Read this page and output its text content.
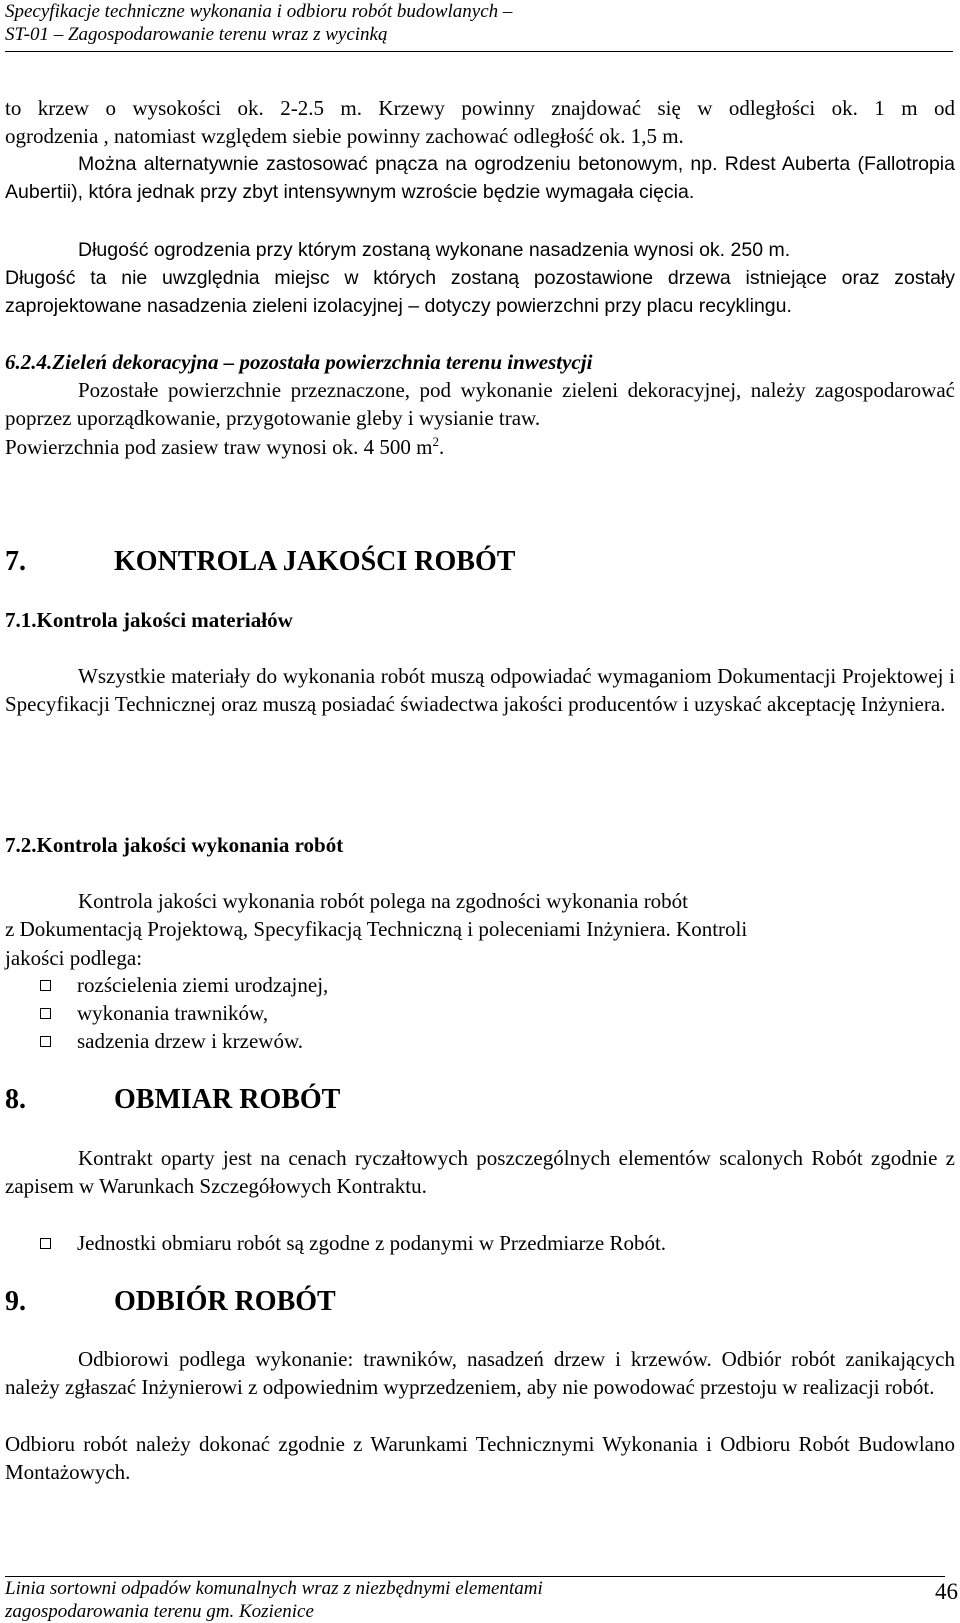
Specyfikacje techniczne wykonania i odbioru robót budowlanych –
ST-01 – Zagospodarowanie terenu wraz z wycinką
to krzew o wysokości ok. 2-2.5 m. Krzewy powinny znajdować się w odległości ok. 1 m od
ogrodzenia , natomiast względem siebie powinny zachować odległość ok. 1,5 m.
Można alternatywnie zastosować pnącza na ogrodzeniu betonowym, np. Rdest Auberta (Fallotropia Aubertii), która jednak przy zbyt intensywnym wzroście będzie wymagała cięcia.
Długość ogrodzenia przy którym zostaną wykonane nasadzenia wynosi ok. 250 m.
Długość ta nie uwzględnia miejsc w których zostaną pozostawione drzewa istniejące oraz zostały zaprojektowane nasadzenia zieleni izolacyjnej – dotyczy powierzchni przy placu recyklingu.
6.2.4.Zieleń dekoracyjna – pozostała powierzchnia terenu inwestycji
Pozostałe powierzchnie przeznaczone, pod wykonanie zieleni dekoracyjnej, należy zagospodarować poprzez uporządkowanie, przygotowanie gleby i wysianie traw.
Powierzchnia pod zasiew traw wynosi ok. 4 500 $m^2$.
7.	KONTROLA JAKOŚCI ROBÓT
7.1.Kontrola jakości materiałów
Wszystkie materiały do wykonania robót muszą odpowiadać wymaganiom Dokumentacji Projektowej i Specyfikacji Technicznej oraz muszą posiadać świadectwa jakości producentów i uzyskać akceptację Inżyniera.
7.2.Kontrola jakości wykonania robót
Kontrola jakości wykonania robót polega na zgodności wykonania robót
z Dokumentacją Projektową, Specyfikacją Techniczną i poleceniami Inżyniera. Kontroli
jakości podlega:
rozścielenia ziemi urodzajnej,
wykonania trawników,
sadzenia drzew i krzewów.
8.	OBMIAR ROBÓT
Kontrakt oparty jest na cenach ryczałtowych poszczególnych elementów scalonych Robót zgodnie z zapisem w Warunkach Szczegółowych Kontraktu.
Jednostki obmiaru robót są zgodne z podanymi w Przedmiarze Robót.
9.	ODBIÓR ROBÓT
Odbiorowi podlega wykonanie: trawników, nasadzeń drzew i krzewów. Odbiór robót zanikających należy zgłaszać Inżynierowi z odpowiednim wyprzedzeniem, aby nie powodować przestoju w realizacji robót.
Odbioru robót należy dokonać zgodnie z Warunkami Technicznymi Wykonania i Odbioru Robót Budowlano Montażowych.
Linia sortowni odpadów komunalnych wraz z niezbędnymi elementami
zagospodarowania terenu gm. Kozienice
46
